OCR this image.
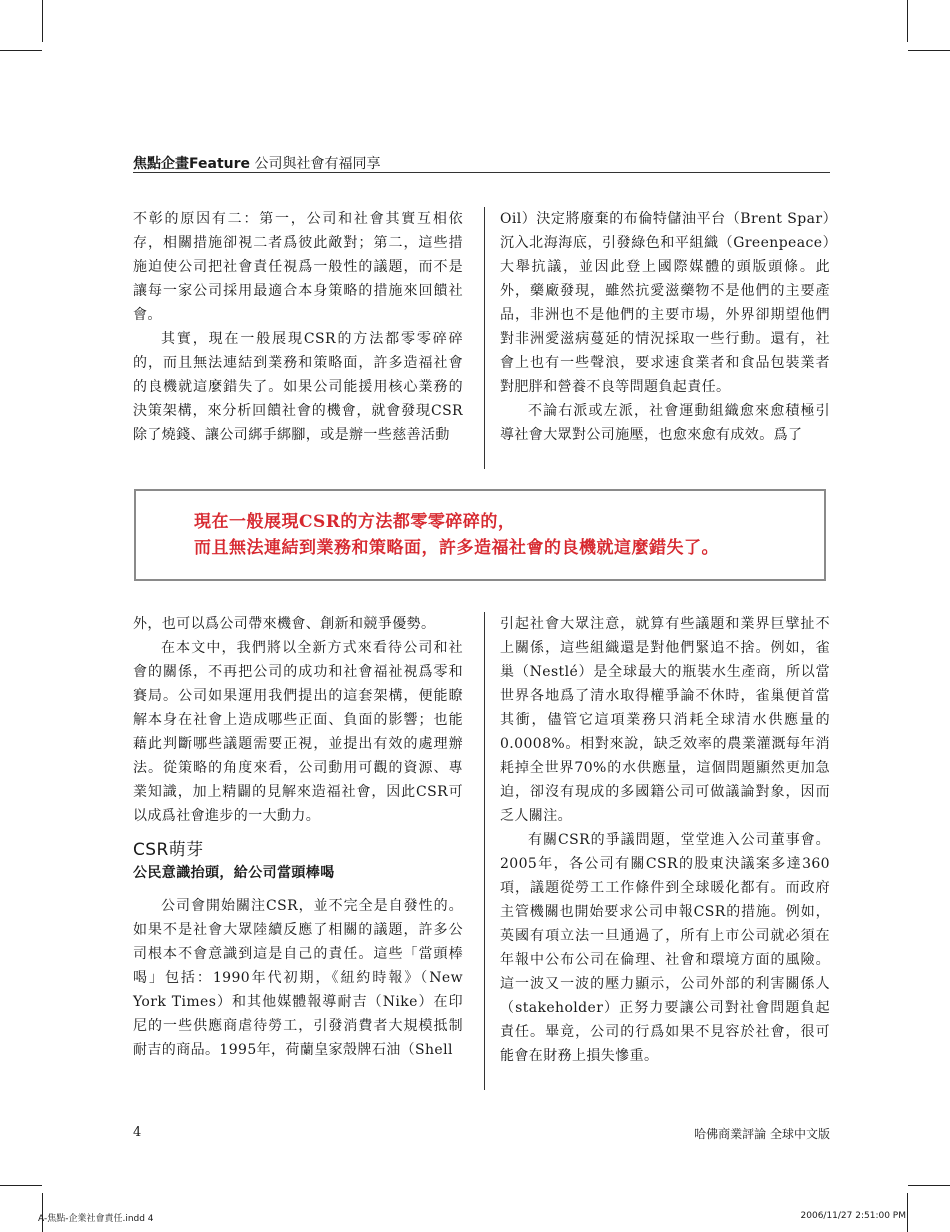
焦點企畫Feature 公司與社會有福同享

不彰的原因有二：第一，公司和社會其實互相依存，相關措施卻視二者爲彼此敵對；第二，這些措施迫使公司把社會責任視爲一般性的議題，而不是讓每一家公司採用最適合本身策略的措施來回饋社會。

其實，現在一般展現CSR的方法都零零碎碎的，而且無法連結到業務和策略面，許多造福社會的良機就這麼錯失了。如果公司能援用核心業務的決策架構，來分析回饋社會的機會，就會發現CSR除了燒錢、讓公司綁手綁腳，或是辦一些慈善活動

Oil）決定將廢棄的布倫特儲油平台（Brent Spar）沉入北海海底，引發綠色和平組織（Greenpeace）大舉抗議，並因此登上國際媒體的頭版頭條。此外，藥廠發現，雖然抗愛滋藥物不是他們的主要產品，非洲也不是他們的主要市場，外界卻期望他們對非洲愛滋病蔓延的情況採取一些行動。還有，社會上也有一些聲浪，要求速食業者和食品包裝業者對肥胖和營養不良等問題負起責任。

不論右派或左派，社會運動組織愈來愈積極引導社會大眾對公司施壓，也愈來愈有成效。爲了

現在一般展現CSR的方法都零零碎碎的，
而且無法連結到業務和策略面，許多造福社會的良機就這麼錯失了。

外，也可以爲公司帶來機會、創新和競爭優勢。

在本文中，我們將以全新方式來看待公司和社會的關係，不再把公司的成功和社會福祉視爲零和賽局。公司如果運用我們提出的這套架構，便能瞭解本身在社會上造成哪些正面、負面的影響；也能藉此判斷哪些議題需要正視，並提出有效的處理辦法。從策略的角度來看，公司動用可觀的資源、專業知識，加上精闢的見解來造福社會，因此CSR可以成爲社會進步的一大動力。

CSR萌芽
公民意識抬頭，給公司當頭棒喝

公司會開始關注CSR，並不完全是自發性的。如果不是社會大眾陸續反應了相關的議題，許多公司根本不會意識到這是自己的責任。這些「當頭棒喝」包括：1990年代初期，《紐約時報》（New York Times）和其他媒體報導耐吉（Nike）在印尼的一些供應商虐待勞工，引發消費者大規模抵制耐吉的商品。1995年，荷蘭皇家殼牌石油（Shell

引起社會大眾注意，就算有些議題和業界巨擘扯不上關係，這些組織還是對他們緊追不捨。例如，雀巢（Nestlé）是全球最大的瓶裝水生產商，所以當世界各地爲了清水取得權爭論不休時，雀巢便首當其衝，儘管它這項業務只消耗全球清水供應量的0.0008%。相對來說，缺乏效率的農業灌溉每年消耗掉全世界70%的水供應量，這個問題顯然更加急迫，卻沒有現成的多國籍公司可做議論對象，因而乏人關注。

有關CSR的爭議問題，堂堂進入公司董事會。2005年，各公司有關CSR的股東決議案多達360項，議題從勞工工作條件到全球暖化都有。而政府主管機關也開始要求公司申報CSR的措施。例如，英國有項立法一旦通過了，所有上市公司就必須在年報中公布公司在倫理、社會和環境方面的風險。這一波又一波的壓力顯示，公司外部的利害關係人（stakeholder）正努力要讓公司對社會問題負起責任。畢竟，公司的行爲如果不見容於社會，很可能會在財務上損失慘重。

4	哈佛商業評論 全球中文版
A-焦點-企業社會責任.indd 4	2006/11/27 2:51:00 PM
